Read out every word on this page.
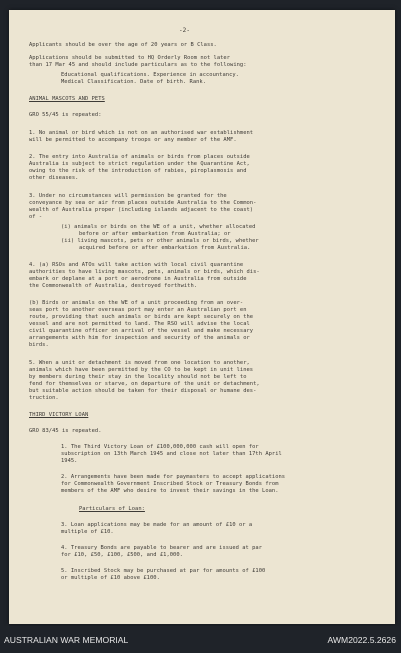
-2-
Applicants should be over the age of 20 years or B Class.
Applications should be submitted to HQ Orderly Room not later
than 17 Mar 45 and should include particulars as to the following:
Educational qualifications. Experience in accountancy.
Medical Classification. Date of birth. Rank.
ANIMAL MASCOTS AND PETS
GRO 55/45 is repeated:
1. No animal or bird which is not on an authorised war establishment
will be permitted to accompany troops or any member of the AMF.
2. The entry into Australia of animals or birds from places outside
Australia is subject to strict regulation under the Quarantine Act,
owing to the risk of the introduction of rabies, piroplasmosis and
other diseases.
3. Under no circumstances will permission be granted for the
conveyance by sea or air from places outside Australia to the Common-
wealth of Australia proper (including islands adjacent to the coast)
of -
(i) animals or birds on the WE of a unit, whether allocated
before or after embarkation from Australia; or
(ii) living mascots, pets or other animals or birds, whether
acquired before or after embarkation from Australia.
4. (a) RSOs and ATOs will take action with local civil quarantine
authorities to have living mascots, pets, animals or birds, which dis-
embark or deplane at a port or aerodrome in Australia from outside
the Commonwealth of Australia, destroyed forthwith.
(b) Birds or animals on the WE of a unit proceeding from an over-
seas port to another overseas port may enter an Australian port en
route, providing that such animals or birds are kept securely on the
vessel and are not permitted to land. The RSO will advise the local
civil quarantine officer on arrival of the vessel and make necessary
arrangements with him for inspection and security of the animals or
birds.
5. When a unit or detachment is moved from one location to another,
animals which have been permitted by the CO to be kept in unit lines
by members during their stay in the locality should not be left to
fend for themselves or starve, on departure of the unit or detachment,
but suitable action should be taken for their disposal or humane des-
truction.
THIRD VICTORY LOAN
GRO 83/45 is repeated.
1. The Third Victory Loan of £100,000,000 cash will open for
subscription on 13th March 1945 and close not later than 17th April
1945.
2. Arrangements have been made for paymasters to accept applications
for Commonwealth Government Inscribed Stock or Treasury Bonds from
members of the AMF who desire to invest their savings in the Loan.
Particulars of Loan:
3. Loan applications may be made for an amount of £10 or a
multiple of £10.
4. Treasury Bonds are payable to bearer and are issued at par
for £10, £50, £100, £500, and £1,000.
5. Inscribed Stock may be purchased at par for amounts of £100
or multiple of £10 above £100.
AUSTRALIAN WAR MEMORIAL	AWM2022.5.2626
